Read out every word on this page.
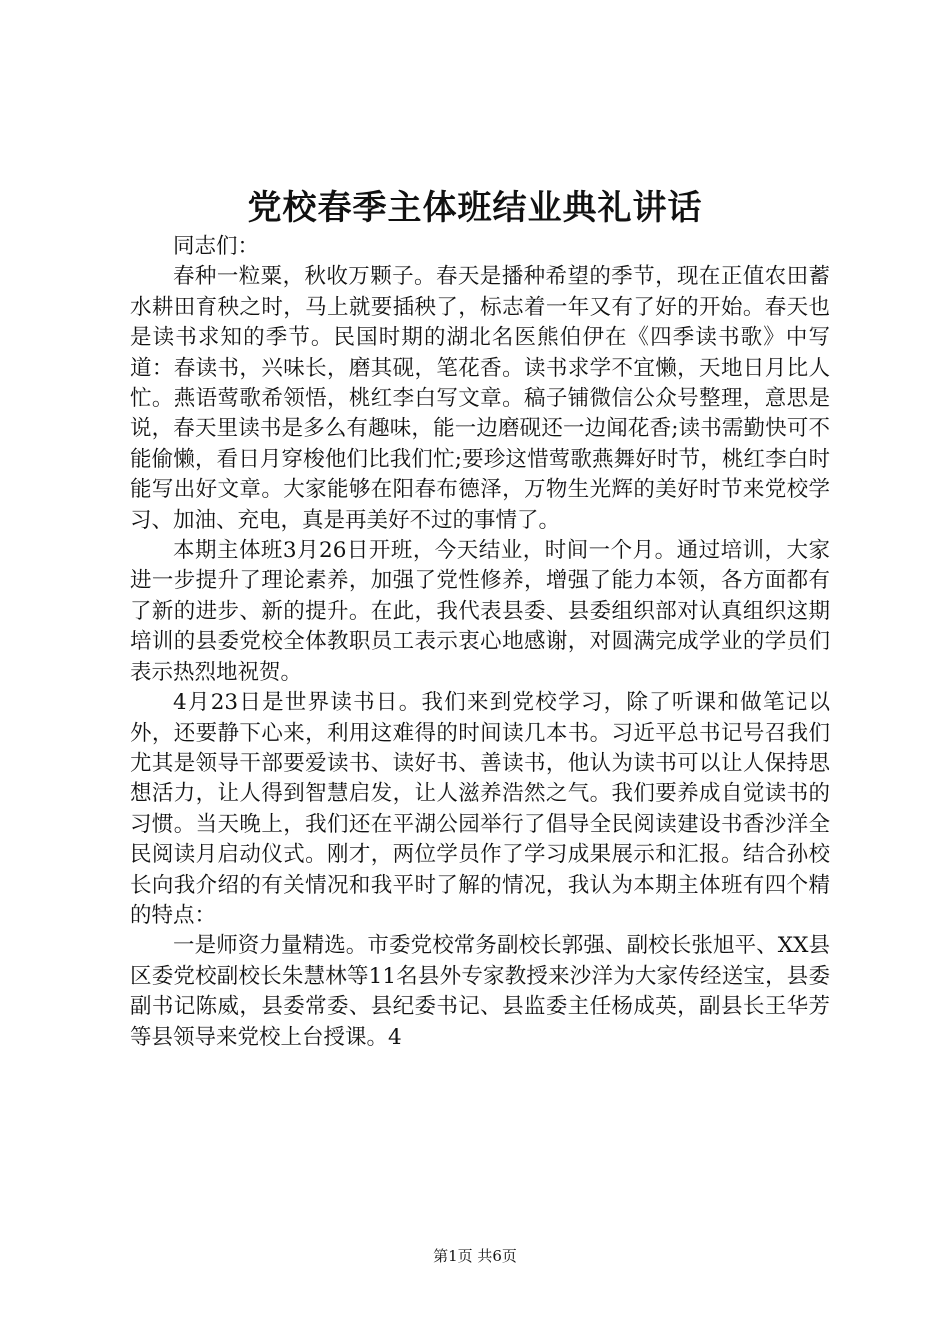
党校春季主体班结业典礼讲话

同志们：

春种一粒粟，秋收万颗子。春天是播种希望的季节，现在正值农田蓄水耕田育秧之时，马上就要插秧了，标志着一年又有了好的开始。春天也是读书求知的季节。民国时期的湖北名医熊伯伊在《四季读书歌》中写道：春读书，兴味长，磨其砚，笔花香。读书求学不宜懒，天地日月比人忙。燕语莺歌希领悟，桃红李白写文章。稿子铺微信公众号整理，意思是说，春天里读书是多么有趣味，能一边磨砚还一边闻花香;读书需勤快可不能偷懒，看日月穿梭他们比我们忙;要珍这惜莺歌燕舞好时节，桃红李白时能写出好文章。大家能够在阳春布德泽，万物生光辉的美好时节来党校学习、加油、充电，真是再美好不过的事情了。

本期主体班3月26日开班，今天结业，时间一个月。通过培训，大家进一步提升了理论素养，加强了党性修养，增强了能力本领，各方面都有了新的进步、新的提升。在此，我代表县委、县委组织部对认真组织这期培训的县委党校全体教职员工表示衷心地感谢，对圆满完成学业的学员们表示热烈地祝贺。

4月23日是世界读书日。我们来到党校学习，除了听课和做笔记以外，还要静下心来，利用这难得的时间读几本书。习近平总书记号召我们尤其是领导干部要爱读书、读好书、善读书，他认为读书可以让人保持思想活力，让人得到智慧启发，让人滋养浩然之气。我们要养成自觉读书的习惯。当天晚上，我们还在平湖公园举行了倡导全民阅读建设书香沙洋全民阅读月启动仪式。刚才，两位学员作了学习成果展示和汇报。结合孙校长向我介绍的有关情况和我平时了解的情况，我认为本期主体班有四个精的特点：

一是师资力量精选。市委党校常务副校长郭强、副校长张旭平、XX县区委党校副校长朱慧林等11名县外专家教授来沙洋为大家传经送宝，县委副书记陈威，县委常委、县纪委书记、县监委主任杨成英，副县长王华芳等县领导来党校上台授课。4

第1页 共6页
